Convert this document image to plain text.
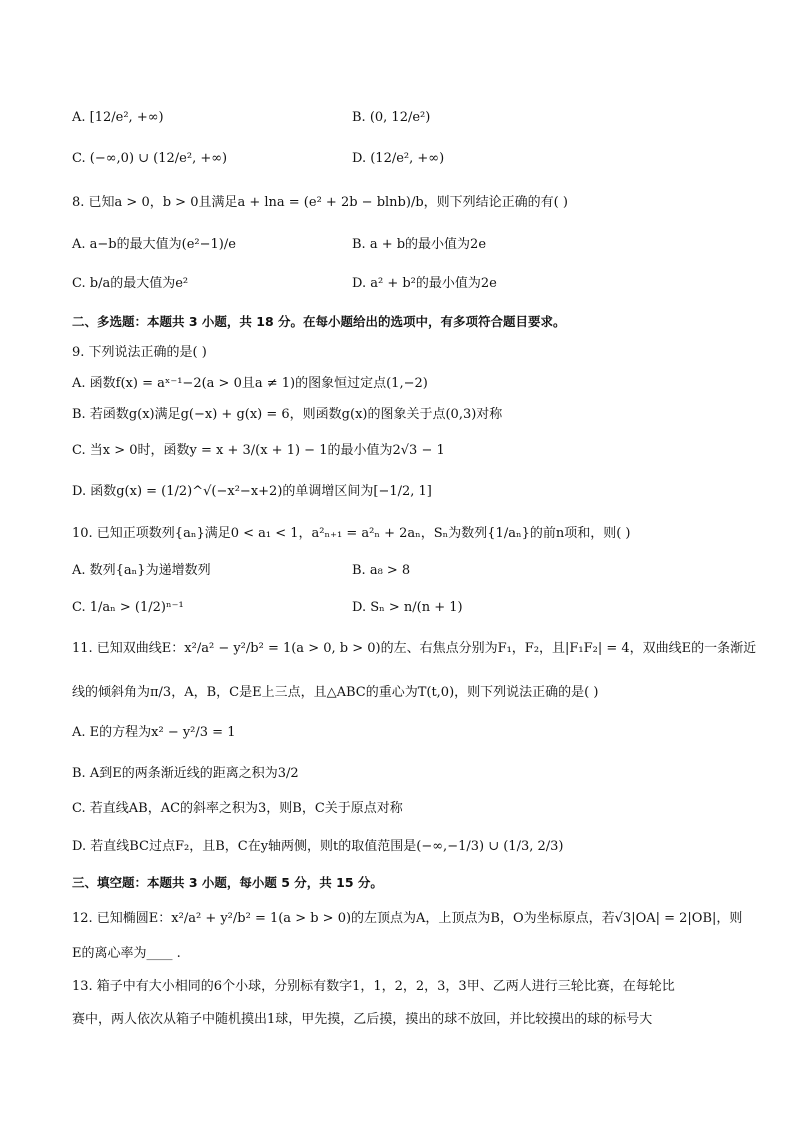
A. [12/e², +∞)	B. (0, 12/e²)
C. (−∞,0) ∪ (12/e², +∞)	D. (12/e², +∞)
8. 已知a > 0，b > 0且满足a + lna = (e² + 2b − blnb)/b，则下列结论正确的有( )
A. a−b的最大值为(e²−1)/e	B. a + b的最小值为2e
C. b/a的最大值为e²	D. a² + b²的最小值为2e
二、多选题：本题共 3 小题，共 18 分。在每小题给出的选项中，有多项符合题目要求。
9. 下列说法正确的是( )
A. 函数f(x) = aˣ⁻¹−2(a > 0且a ≠ 1)的图象恒过定点(1,−2)
B. 若函数g(x)满足g(−x) + g(x) = 6，则函数g(x)的图象关于点(0,3)对称
C. 当x > 0时，函数y = x + 3/(x + 1) − 1的最小值为2√3 − 1
D. 函数g(x) = (1/2)^√(−x²−x+2)的单调增区间为[−1/2, 1]
10. 已知正项数列{aₙ}满足0 < a₁ < 1，a²ₙ₊₁ = a²ₙ + 2aₙ，Sₙ为数列{1/aₙ}的前n项和，则( )
A. 数列{aₙ}为递增数列	B. a₈ > 8
C. 1/aₙ > (1/2)ⁿ⁻¹	D. Sₙ > n/(n + 1)
11. 已知双曲线E：x²/a² − y²/b² = 1(a > 0, b > 0)的左、右焦点分别为F₁，F₂，且|F₁F₂| = 4，双曲线E的一条渐近
线的倾斜角为π/3，A，B，C是E上三点，且△ABC的重心为T(t,0)，则下列说法正确的是( )
A. E的方程为x² − y²/3 = 1
B. A到E的两条渐近线的距离之积为3/2
C. 若直线AB，AC的斜率之积为3，则B，C关于原点对称
D. 若直线BC过点F₂，且B，C在y轴两侧，则t的取值范围是(−∞,−1/3) ∪ (1/3, 2/3)
三、填空题：本题共 3 小题，每小题 5 分，共 15 分。
12. 已知椭圆E：x²/a² + y²/b² = 1(a > b > 0)的左顶点为A，上顶点为B，O为坐标原点，若√3|OA| = 2|OB|，则
E的离心率为____ .
13. 箱子中有大小相同的6个小球，分别标有数字1，1，2，2，3，3甲、乙两人进行三轮比赛，在每轮比
赛中，两人依次从箱子中随机摸出1球，甲先摸，乙后摸，摸出的球不放回，并比较摸出的球的标号大
